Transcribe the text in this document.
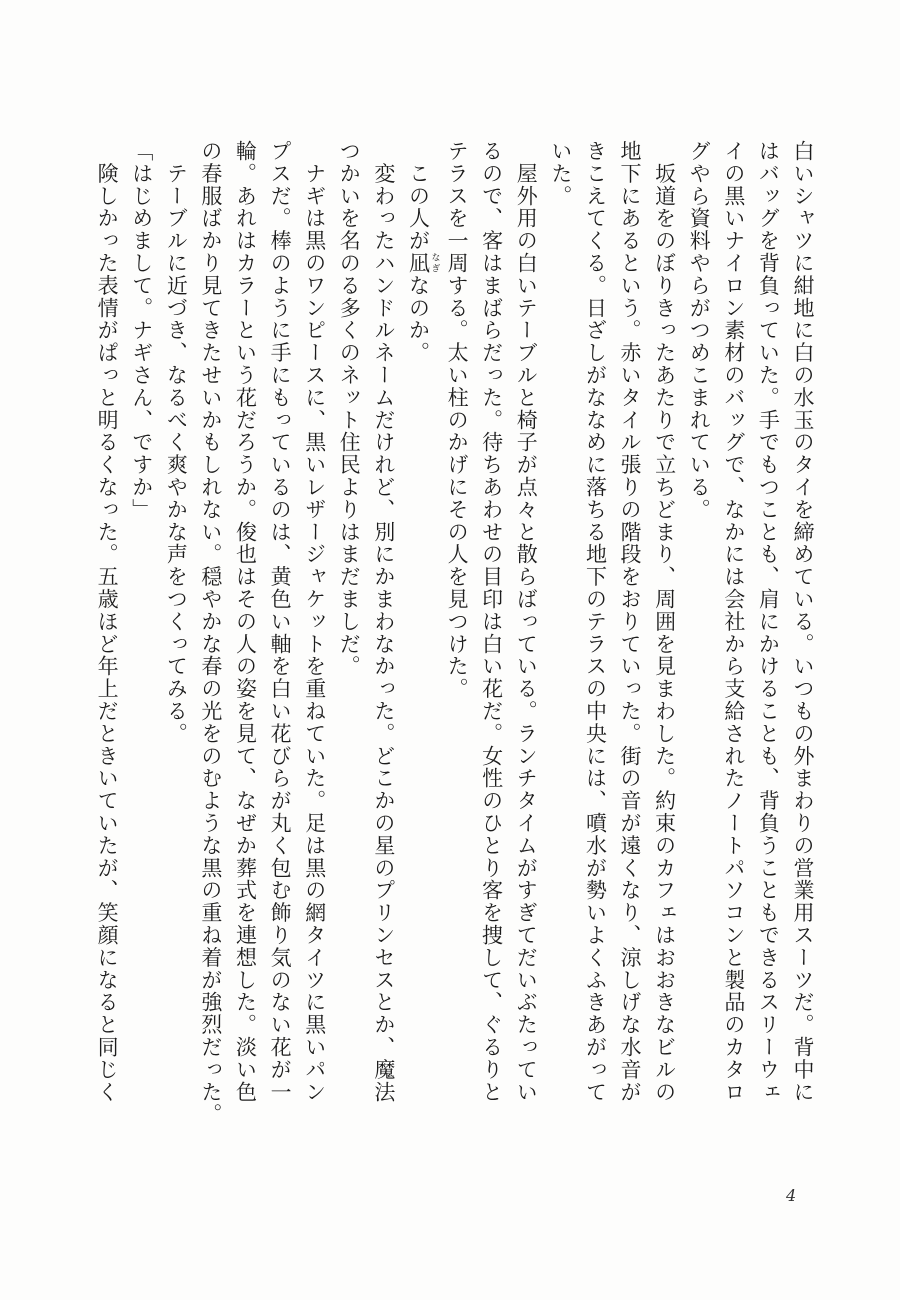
白いシャツに紺地に白の水玉のタイを締めている。いつもの外まわりの営業用スーツだ。背中に

はバッグを背負っていた。手でもつことも、肩にかけることも、背負うこともできるスリーウェ

イの黒いナイロン素材のバッグで、なかには会社から支給されたノートパソコンと製品のカタロ

グやら資料やらがつめこまれている。

　坂道をのぼりきったあたりで立ちどまり、周囲を見まわした。約束のカフェはおおきなビルの

地下にあるという。赤いタイル張りの階段をおりていった。街の音が遠くなり、涼しげな水音が

きこえてくる。日ざしがななめに落ちる地下のテラスの中央には、噴水が勢いよくふきあがって

いた。

　屋外用の白いテーブルと椅子が点々と散らばっている。ランチタイムがすぎてだいぶたってい

るので、客はまばらだった。待ちあわせの目印は白い花だ。女性のひとり客を捜して、ぐるりと

テラスを一周する。太い柱のかげにその人を見つけた。

　この人が凪 なぎなのか。

　変わったハンドルネームだけれど、別にかまわなかった。どこかの星のプリンセスとか、魔法

つかいを名のる多くのネット住民よりはまだましだ。

　ナギは黒のワンピースに、黒いレザージャケットを重ねていた。足は黒の網タイツに黒いパン

プスだ。棒のように手にもっているのは、黄色い軸を白い花びらが丸く包む飾り気のない花が一

輪。あれはカラーという花だろうか。俊也はその人の姿を見て、なぜか葬式を連想した。淡い色

の春服ばかり見てきたせいかもしれない。穏やかな春の光をのむような黒の重ね着が強烈だった。

　テーブルに近づき、なるべく爽やかな声をつくってみる。

「はじめまして。ナギさん、ですか」

　険しかった表情がぱっと明るくなった。五歳ほど年上だときいていたが、笑顔になると同じく

4
